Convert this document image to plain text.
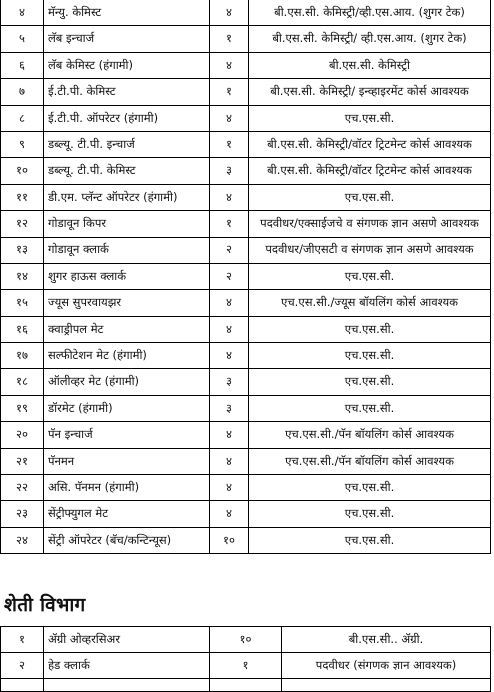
४	मॅन्यु. केमिस्ट	४	बी.एस.सी. केमिस्ट्री/व्ही.एस.आय. (शुगर टेक)
५	लॅब इन्चार्ज	१	बी.एस.सी. केमिस्ट्री/ व्ही.एस.आय. (शुगर टेक)
६	लॅब केमिस्ट (हंगामी)	४	बी.एस.सी. केमिस्ट्री
७	ई.टी.पी. केमिस्ट	१	बी.एस.सी. केमिस्ट्री/ इन्व्हाइरमेंट कोर्स आवश्यक
८	ई.टी.पी. ऑपरेटर (हंगामी)	४	एच.एस.सी.
९	डब्ल्यू. टी.पी. इन्चार्ज	१	बी.एस.सी. केमिस्ट्री/वॉटर ट्रिटमेन्ट कोर्स आवश्यक
१०	डब्ल्यू. टी.पी. केमिस्ट	३	बी.एस.सी. केमिस्ट्री/वॉटर ट्रिटमेन्ट कोर्स आवश्यक
११	डी.एम. प्लॅन्ट ऑपरेटर (हंगामी)	४	एच.एस.सी.
१२	गोडावून किपर	१	पदवीधर/एक्साईजचे व संगणक ज्ञान असणे आवश्यक
१३	गोडावून क्लार्क	२	पदवीधर/जीएसटी व संगणक ज्ञान असणे आवश्यक
१४	शुगर हाऊस क्लार्क	२	एच.एस.सी.
१५	ज्यूस सुपरवायझर	४	एच.एस.सी./ज्यूस बॉयलिंग कोर्स आवश्यक
१६	क्वाड्रीपल मेट	४	एच.एस.सी.
१७	सल्फीटेशन मेट (हंगामी)	४	एच.एस.सी.
१८	ऑलीव्हर मेट (हंगामी)	३	एच.एस.सी.
१९	डॉरमेट (हंगामी)	३	एच.एस.सी.
२०	पॅन इन्चार्ज	४	एच.एस.सी./पॅन बॉयलिंग कोर्स आवश्यक
२१	पॅनमन	४	एच.एस.सी./पॅन बॉयलिंग कोर्स आवश्यक
२२	असि. पॅनमन (हंगामी)	४	एच.एस.सी.
२३	सेंट्रीफ्युगल मेट	४	एच.एस.सी.
२४	सेंट्री ऑपरेटर (बॅच/कन्टिन्यूस)	१०	एच.एस.सी.
शेती विभाग
१	ॲग्री ओव्हरसिअर	१०	बी.एस.सी.. ॲग्री.
२	हेड क्लार्क	१	पदवीधर (संगणक ज्ञान आवश्यक)
